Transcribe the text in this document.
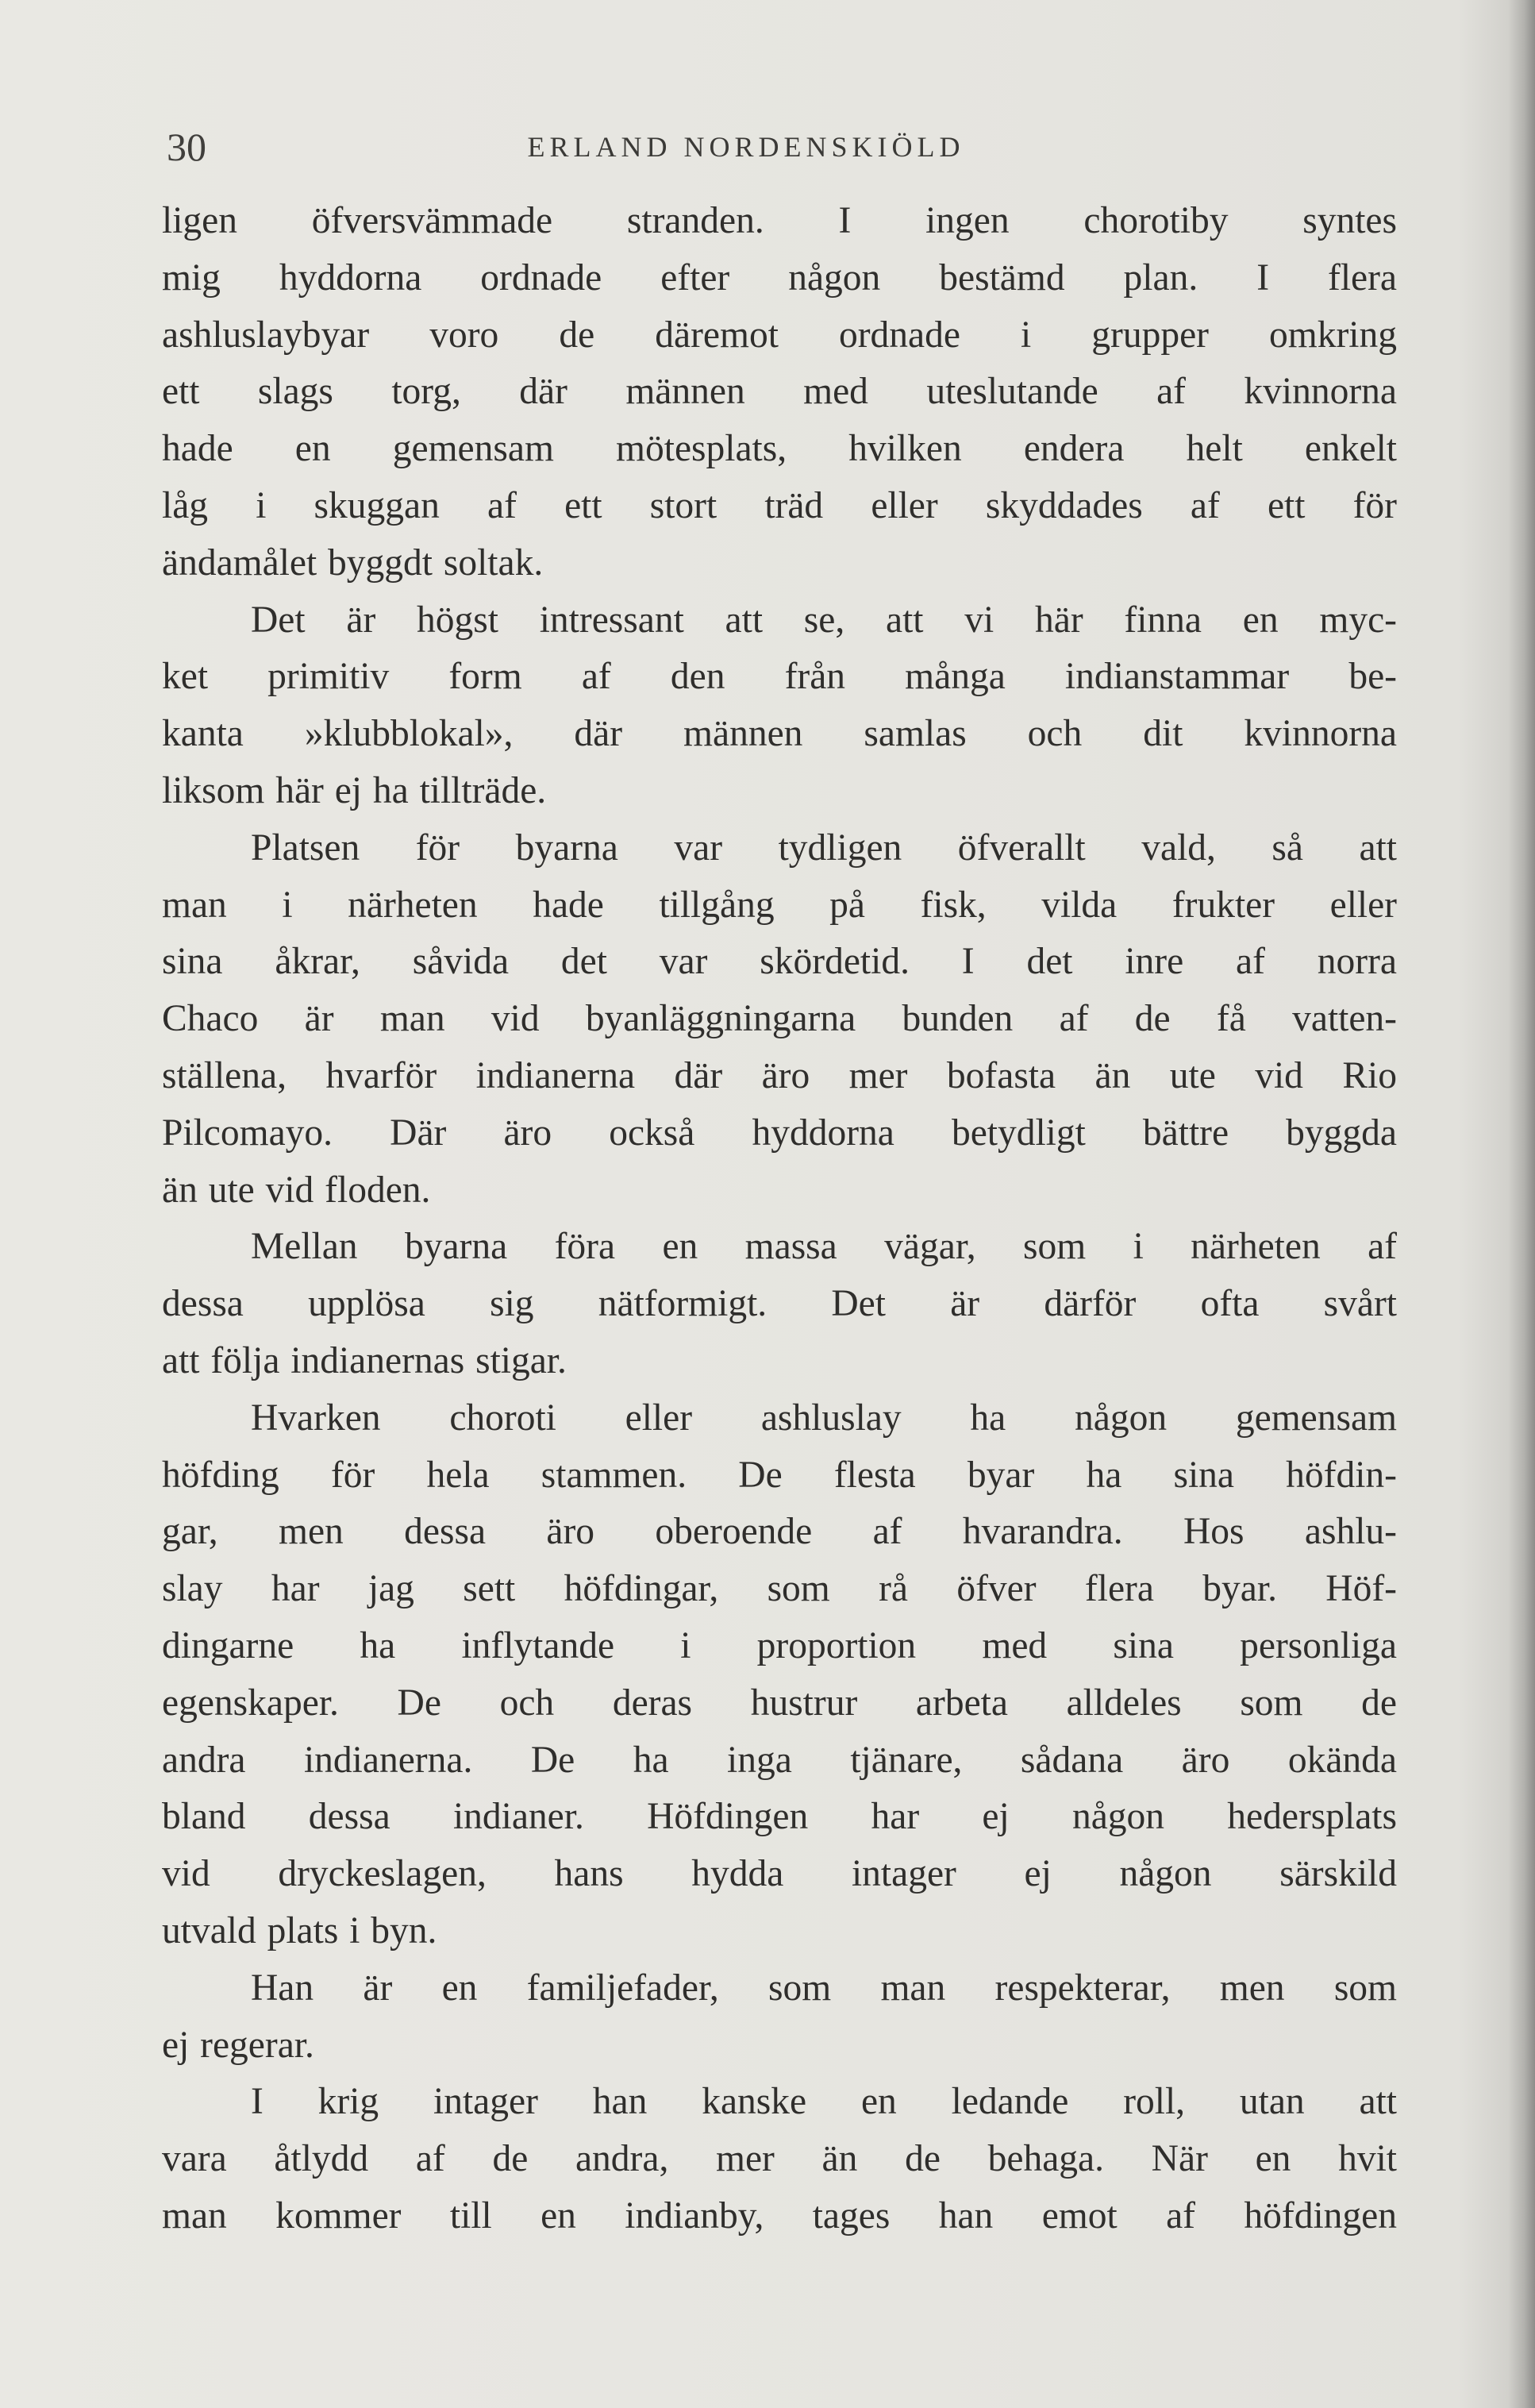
30	ERLAND NORDENSKIÖLD
ligen öfversvämmade stranden. I ingen chorotiby syntes
mig hyddorna ordnade efter någon bestämd plan. I flera
ashluslaybyar voro de däremot ordnade i grupper omkring
ett slags torg, där männen med uteslutande af kvinnorna
hade en gemensam mötesplats, hvilken endera helt enkelt
låg i skuggan af ett stort träd eller skyddades af ett för
ändamålet byggdt soltak.
Det är högst intressant att se, att vi här finna en myc-
ket primitiv form af den från många indianstammar be-
kanta »klubblokal», där männen samlas och dit kvinnorna
liksom här ej ha tillträde.
Platsen för byarna var tydligen öfverallt vald, så att
man i närheten hade tillgång på fisk, vilda frukter eller
sina åkrar, såvida det var skördetid. I det inre af norra
Chaco är man vid byanläggningarna bunden af de få vatten-
ställena, hvarför indianerna där äro mer bofasta än ute vid Rio
Pilcomayo. Där äro också hyddorna betydligt bättre byggda
än ute vid floden.
Mellan byarna föra en massa vägar, som i närheten af
dessa upplösa sig nätformigt. Det är därför ofta svårt
att följa indianernas stigar.
Hvarken choroti eller ashluslay ha någon gemensam
höfding för hela stammen. De flesta byar ha sina höfdin-
gar, men dessa äro oberoende af hvarandra. Hos ashlu-
slay har jag sett höfdingar, som rå öfver flera byar. Höf-
dingarne ha inflytande i proportion med sina personliga
egenskaper. De och deras hustrur arbeta alldeles som de
andra indianerna. De ha inga tjänare, sådana äro okända
bland dessa indianer. Höfdingen har ej någon hedersplats
vid dryckeslagen, hans hydda intager ej någon särskild
utvald plats i byn.
Han är en familjefader, som man respekterar, men som
ej regerar.
I krig intager han kanske en ledande roll, utan att
vara åtlydd af de andra, mer än de behaga. När en hvit
man kommer till en indianby, tages han emot af höfdingen
